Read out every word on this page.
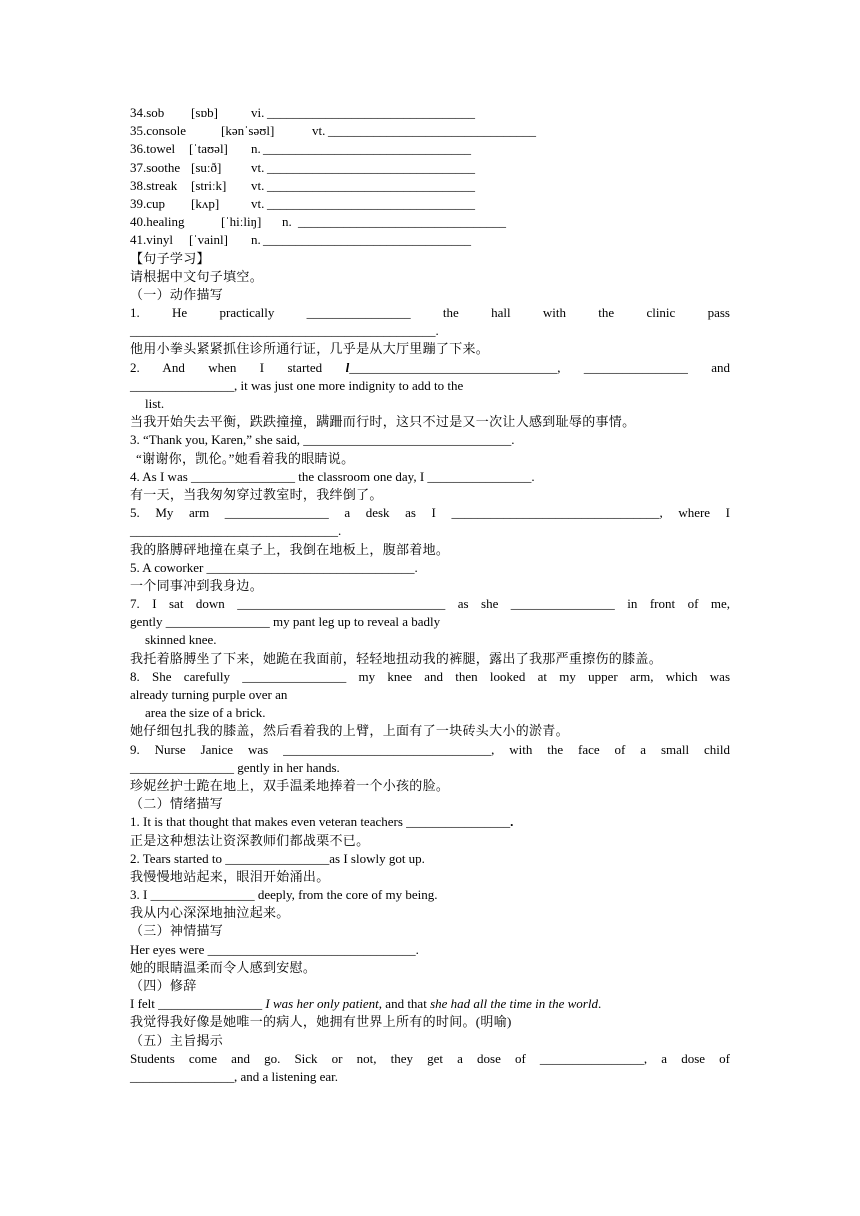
34.sob [sɒb]	vi. ________________________________
35.console	[kənˈsəʊl]	vt. ________________________________
36.towel [ˈtaʊəl] n. ________________________________
37.soothe [suːð] vt. ________________________________
38.streak [striːk] vt. ________________________________
39.cup [kʌp] vt. ________________________________
40.healing	[ˈhiːliŋ] n. ________________________________
41.vinyl [ˈvainl] n. ________________________________
【句子学习】
请根据中文句子填空。
（一）动作描写
1. He practically ________________ the hall with the clinic pass
_______________________________________________.
他用小拳头紧紧抓住诊所通行证，几乎是从大厅里蹦了下来。
2. And when I started l________________________________, ________________ and
________________, it was just one more indignity to add to the
list.
当我开始失去平衡，跌跌撞撞，蹒跚而行时，这只不过是又一次让人感到耻辱的事情。
3. “Thank you, Karen,” she said, ________________________________.
“谢谢你，凯伦。”她看着我的眼睛说。
4. As I was ________________ the classroom one day, I ________________.
有一天，当我匆匆穿过教室时，我绊倒了。
5. My arm ________________ a desk as I ________________________________, where I
________________________________.
我的胳膊砰地撞在桌子上，我倒在地板上，腹部着地。
5. A coworker ________________________________.
一个同事冲到我身边。
7. I sat down ________________________________ as she ________________ in front of me,
gently ________________ my pant leg up to reveal a badly
skinned knee.
我托着胳膊坐了下来，她跪在我面前，轻轻地扭动我的裤腿，露出了我那严重擦伤的膝盖。
8. She carefully ________________ my knee and then looked at my upper arm, which was
already turning purple over an
area the size of a brick.
她仔细包扎我的膝盖，然后看着我的上臂，上面有了一块砖头大小的淤青。
9. Nurse Janice was ________________________________, with the face of a small child
________________ gently in her hands.
珍妮丝护士跪在地上，双手温柔地捧着一个小孩的脸。
（二）情绪描写
1. It is that thought that makes even veteran teachers ________________.
正是这种想法让资深教师们都战栗不已。
2. Tears started to ________________as I slowly got up.
我慢慢地站起来，眼泪开始涌出。
3. I ________________ deeply, from the core of my being.
我从内心深深地抽泣起来。
（三）神情描写
Her eyes were ________________________________.
她的眼睛温柔而令人感到安慰。
（四）修辞
I felt ________________ I was her only patient, and that she had all the time in the world.
我觉得我好像是她唯一的病人，她拥有世界上所有的时间。(明喻)
（五）主旨揭示
Students come and go. Sick or not, they get a dose of ________________, a dose of
________________, and a listening ear.
